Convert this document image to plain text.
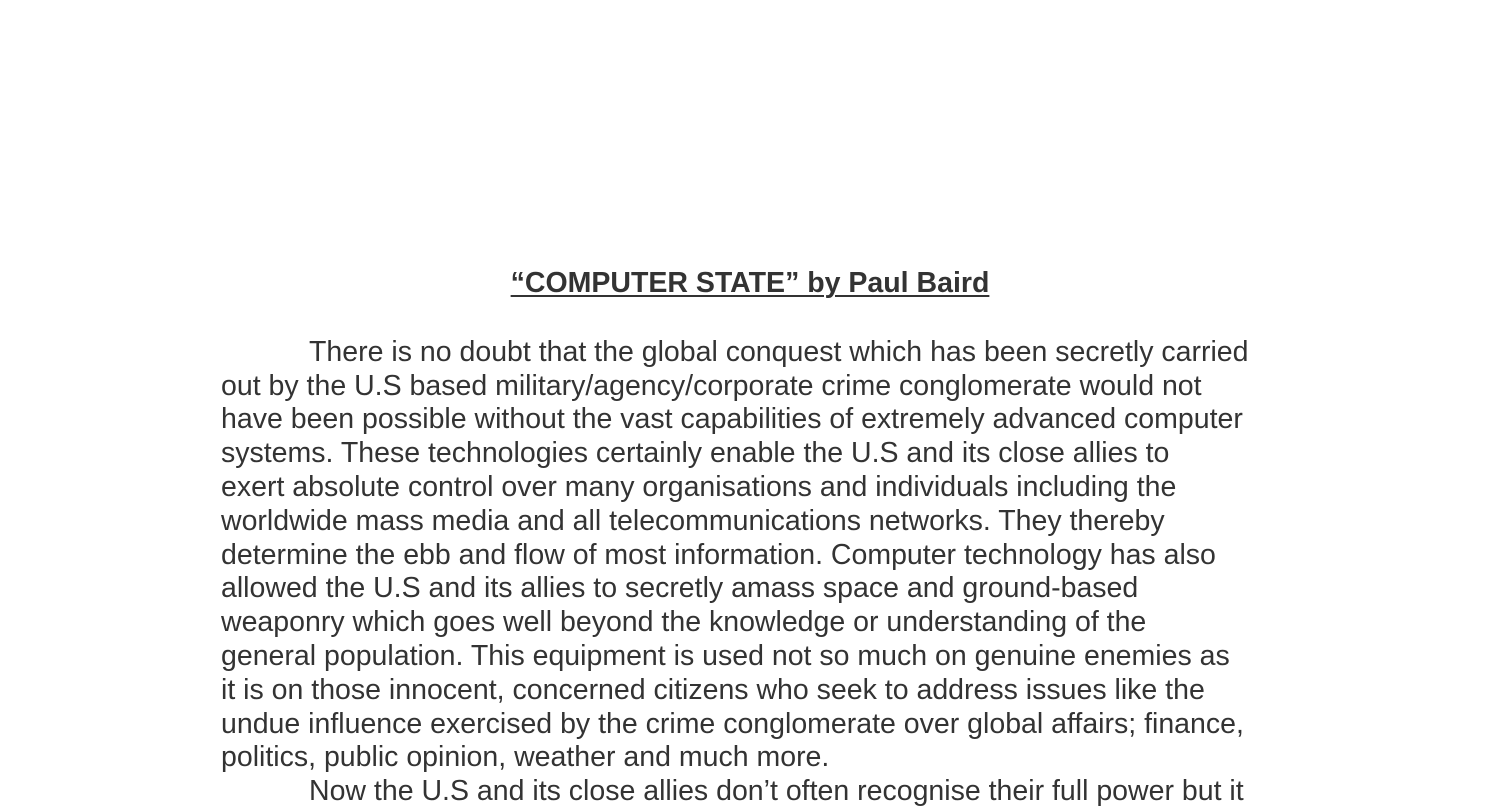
“COMPUTER STATE” by Paul Baird

There is no doubt that the global conquest which has been secretly carried

out by the U.S based military/agency/corporate crime conglomerate would not

have been possible without the vast capabilities of extremely advanced computer

systems. These technologies certainly enable the U.S and its close allies to

exert absolute control over many organisations and individuals including the

worldwide mass media and all telecommunications networks. They thereby

determine the ebb and flow of most information. Computer technology has also

allowed the U.S and its allies to secretly amass space and ground-based

weaponry which goes well beyond the knowledge or understanding of the

general population. This equipment is used not so much on genuine enemies as

it is on those innocent, concerned citizens who seek to address issues like the

undue influence exercised by the crime conglomerate over global affairs; finance,

politics, public opinion, weather and much more.

Now the U.S and its close allies don’t often recognise their full power but it
